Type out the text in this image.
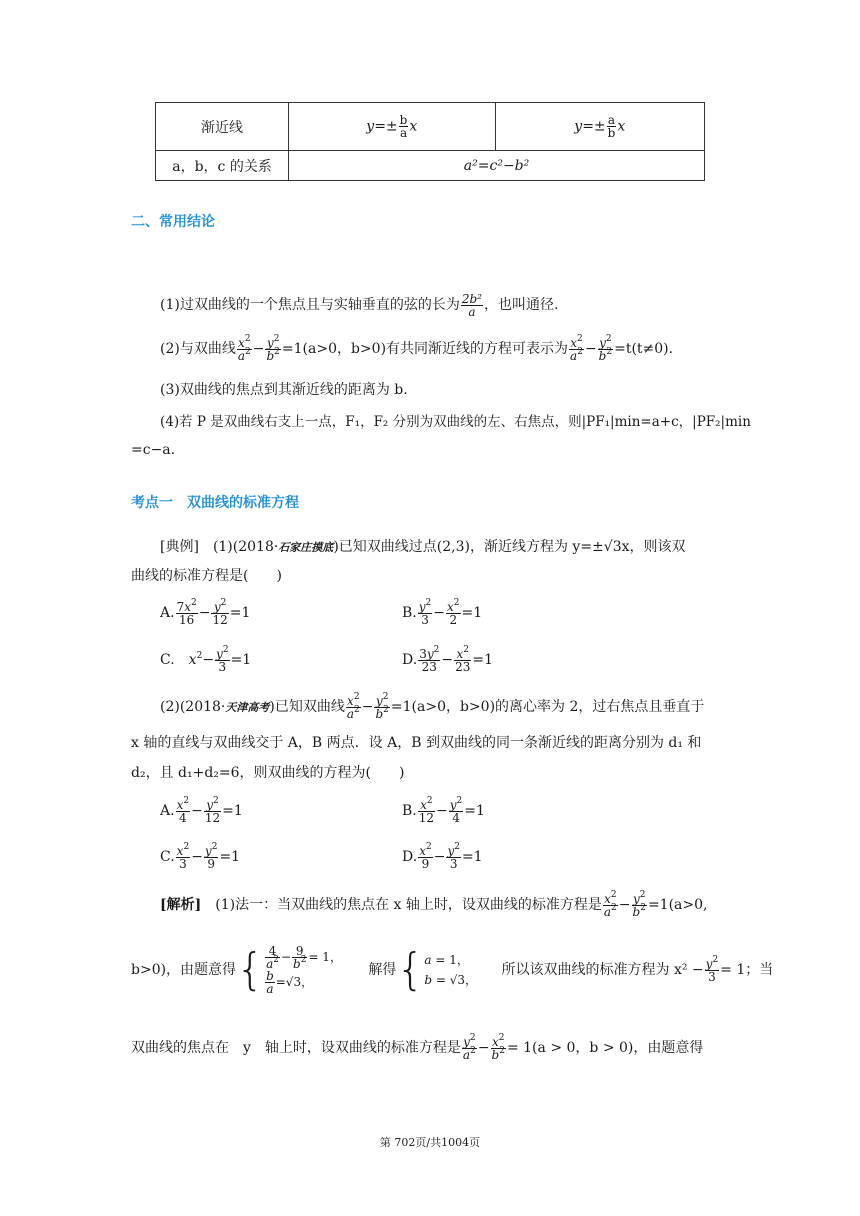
渐近线	$y=\pm \frac{b}{a}$ x	$y=\pm \frac{a}{b}$ x
a，b，c 的关系	a²=c²−b²	
二、常用结论
(1)过双曲线的一个焦点且与实轴垂直的弦的长为 $\frac{\text{2b²}}{a}$ ，也叫通径.
(2)与双曲线 $\frac{x^2}{a^2} - \frac{y^2}{b^2} =1(a>0$，b>0)有共同渐近线的方程可表示为 $\frac{x^2}{a^2} - \frac{y^2}{b^2} =t(t\ne 0)$.
(3)双曲线的焦点到其渐近线的距离为 b.
(4)若 P 是双曲线右支上一点，F₁，F₂ 分别为双曲线的左、右焦点，则|PF₁|min=a+c，|PF₂|min
=c−a.
考点一　双曲线的标准方程
[典例]　 (1)(2018·石家庄摸底)已知双曲线过点(2,3)，渐近线方程为 y=±√3x，则该双
曲线的标准方程是(　　)
A. $\frac{7x^2}{16} - \frac{y^2}{12} =1$	B. $\frac{y^2}{3} - \frac{x^2}{2} =1$
C.　 $x^2- \frac{y^2}{3} =1$	D. $\frac{3y^2}{23} - \frac{x^2}{23} =1$
(2)(2018·天津高考)已知双曲线 $\frac{x^2}{a^2} - \frac{y^2}{b^2} =1(a>0$，b>0)的离心率为 2，过右焦点且垂直于
x 轴的直线与双曲线交于 A，B 两点．设 A，B 到双曲线的同一条渐近线的距离分别为 d₁ 和
d₂，且 d₁+d₂=6，则双曲线的方程为(　　)
A. $\frac{x^2}{4} - \frac{y^2}{12} =1$	B. $\frac{x^2}{12} - \frac{y^2}{4} =1$
C. $\frac{x^2}{3} - \frac{y^2}{9} =1$	D. $\frac{x^2}{9} - \frac{y^2}{3} =1$
[解析]　 (1)法一：当双曲线的焦点在 x 轴上时，设双曲线的标准方程是 $\frac{x^2}{a^2} - \frac{y^2}{b^2} =1(a>0$,
b>0)，由题意得{ $\frac{4}{a^2} - \frac{9}{b^2} = 1$，

$\frac{b}{a} =√3$， 解得{a = 1，
b = √3， 所以该双曲线的标准方程为 $x^2 - \frac{y^2}{3} = 1$；当
双曲线的焦点在　y　轴上时，设双曲线的标准方程是 $\frac{y^2}{a^2} - \frac{x^2}{b^2} = 1(a > 0$，b > 0)，由题意得
第 702页/共1004页
